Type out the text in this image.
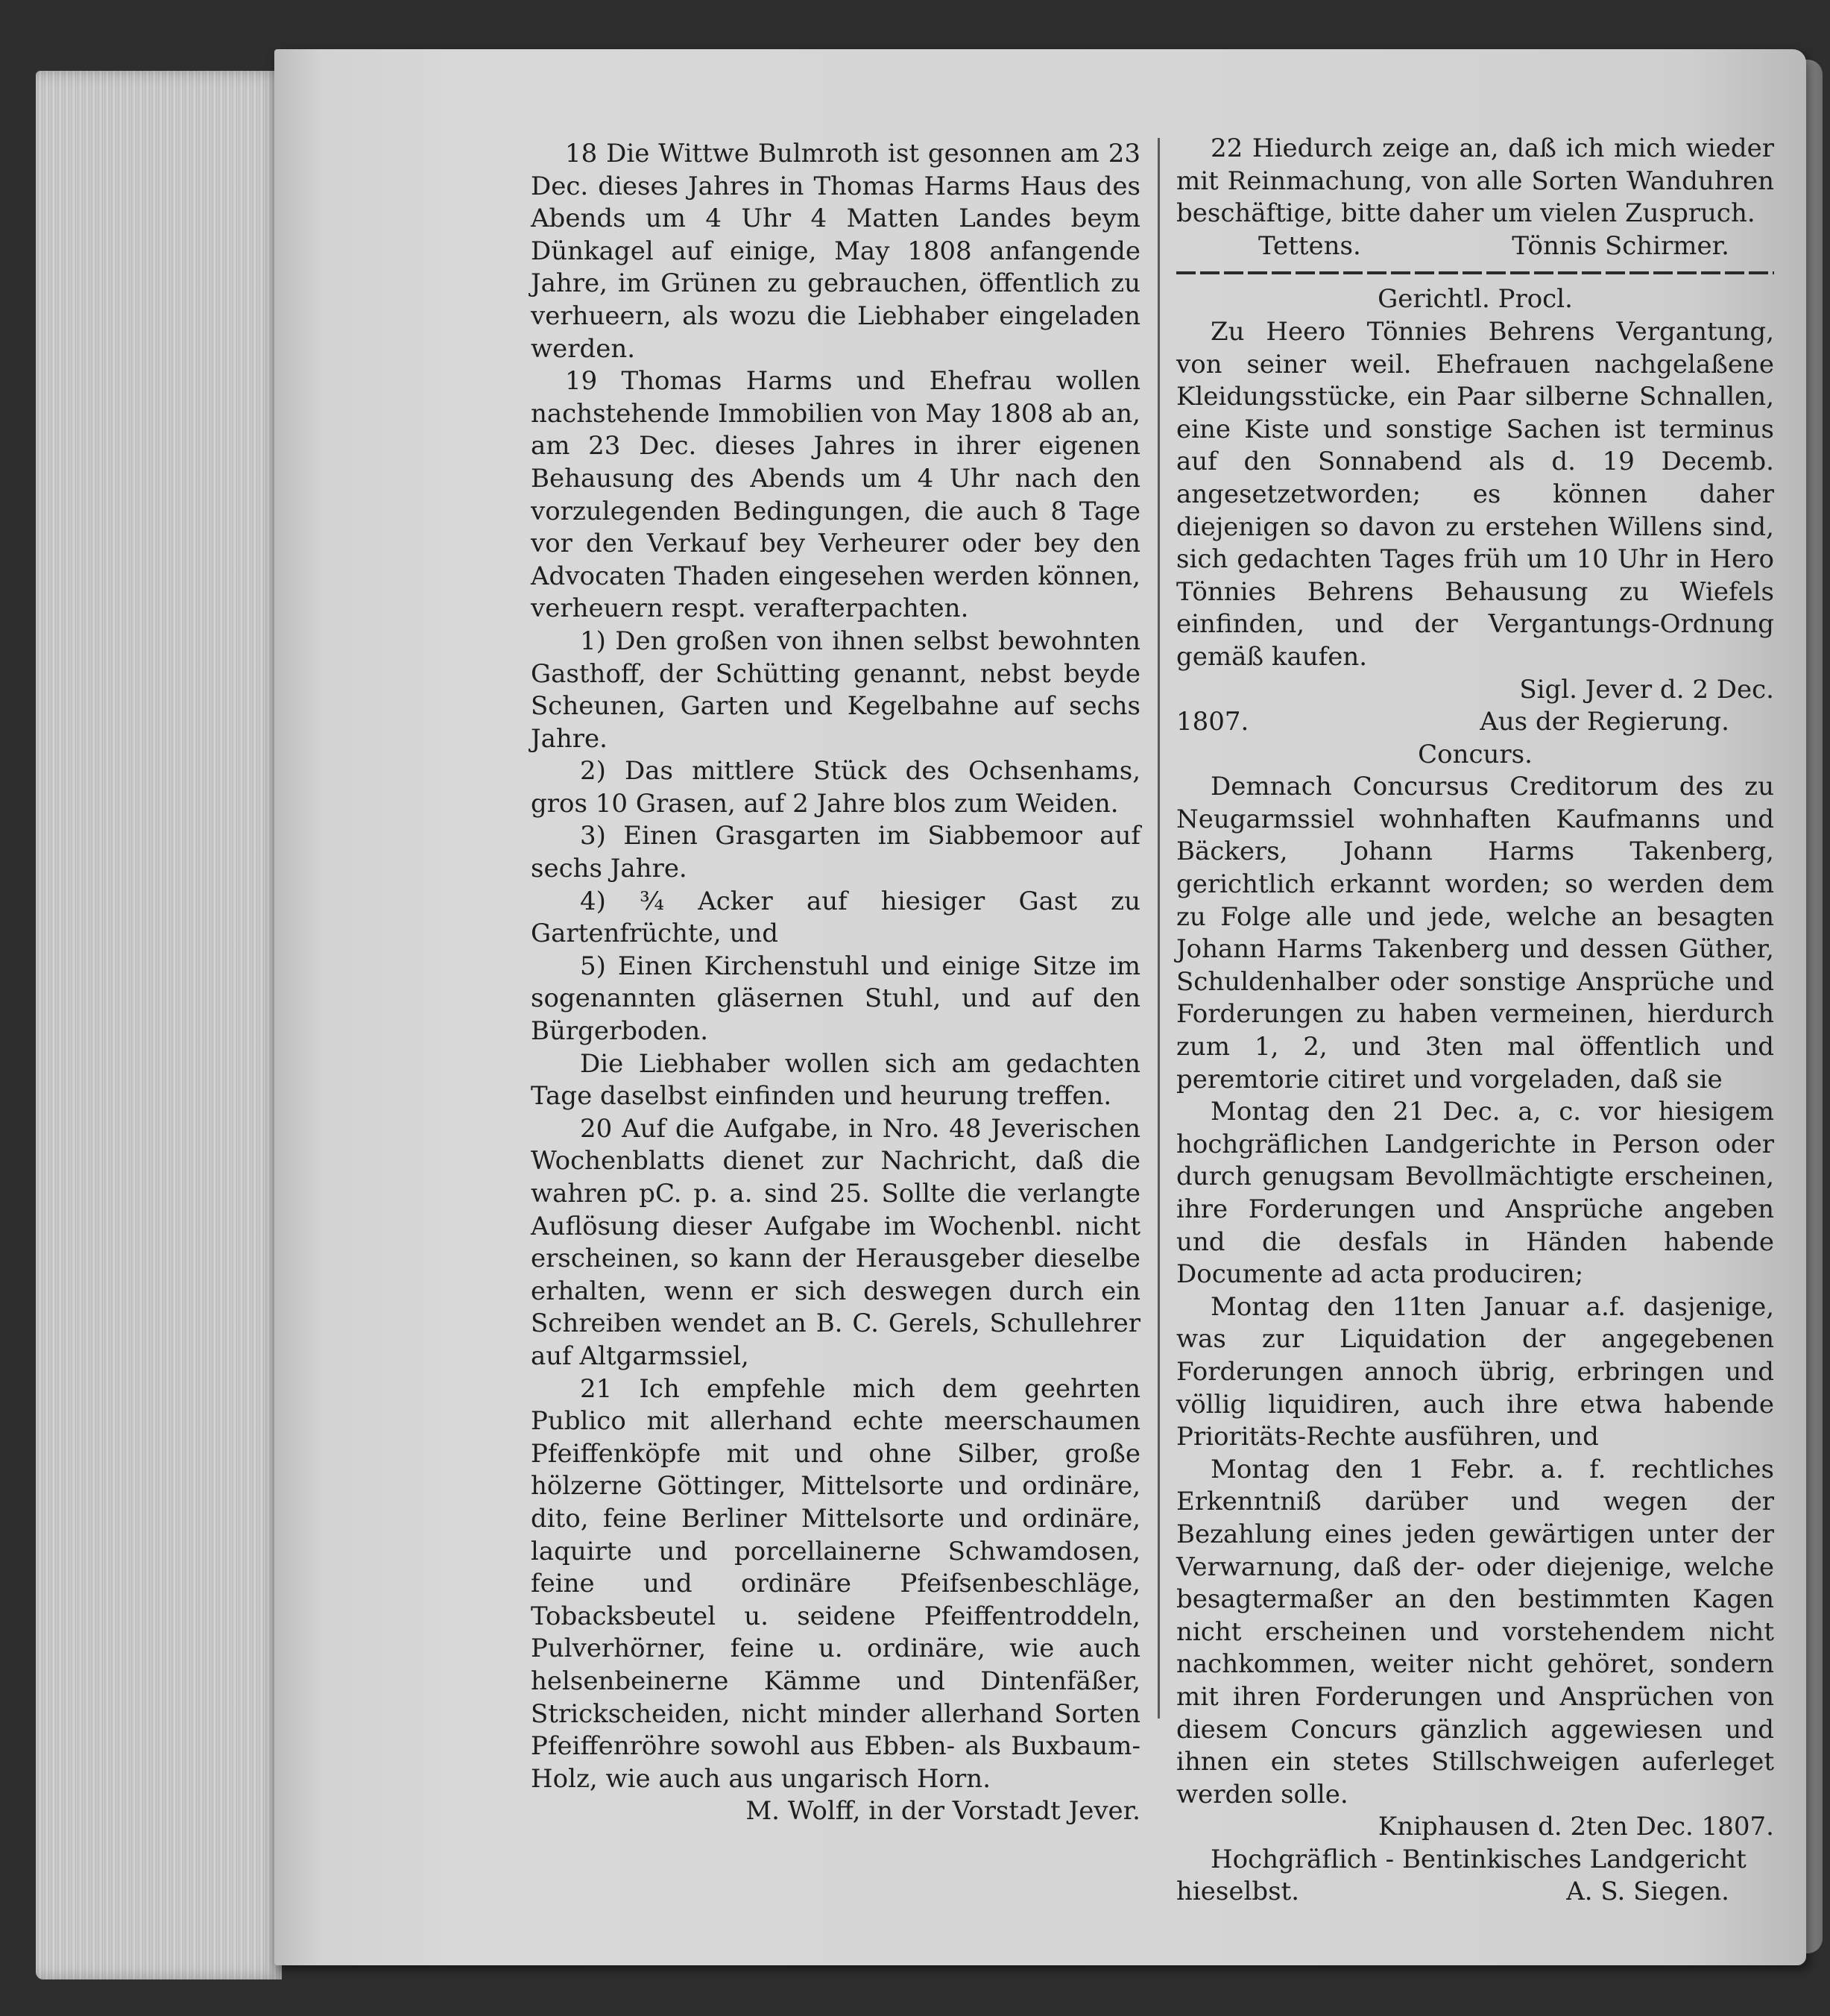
18 Die Wittwe Bulmroth ist gesonnen am 23 Dec. dieses Jahres in Thomas Harms Haus des Abends um 4 Uhr 4 Matten Landes beym Dünkagel auf einige, May 1808 anfangende Jahre, im Grünen zu gebrauchen, öffentlich zu verhueern, als wozu die Liebhaber eingeladen werden.

19 Thomas Harms und Ehefrau wollen nachstehende Immobilien von May 1808 ab an, am 23 Dec. dieses Jahres in ihrer eigenen Behausung des Abends um 4 Uhr nach den vorzulegenden Bedingungen, die auch 8 Tage vor den Verkauf bey Verheurer oder bey den Advocaten Thaden eingesehen werden können, verheuern respt. verafterpachten.

1) Den großen von ihnen selbst bewohnten Gasthoff, der Schütting genannt, nebst beyde Scheunen, Garten und Kegelbahne auf sechs Jahre.

2) Das mittlere Stück des Ochsenhams, gros 10 Grasen, auf 2 Jahre blos zum Weiden.

3) Einen Grasgarten im Siabbemoor auf sechs Jahre.

4) ¾ Acker auf hiesiger Gast zu Gartenfrüchte, und

5) Einen Kirchenstuhl und einige Sitze im sogenannten gläsernen Stuhl, und auf den Bürgerboden.

Die Liebhaber wollen sich am gedachten Tage daselbst einfinden und heurung treffen.

20 Auf die Aufgabe, in Nro. 48 Jeverischen Wochenblatts dienet zur Nachricht, daß die wahren pC. p. a. sind 25. Sollte die verlangte Auflösung dieser Aufgabe im Wochenbl. nicht erscheinen, so kann der Herausgeber dieselbe erhalten, wenn er sich deswegen durch ein Schreiben wendet an B. C. Gerels, Schullehrer auf Altgarmssiel,

21 Ich empfehle mich dem geehrten Publico mit allerhand echte meerschaumen Pfeiffenköpfe mit und ohne Silber, große hölzerne Göttinger, Mittelsorte und ordinäre, dito, feine Berliner Mittelsorte und ordinäre, laquirte und porcellainerne Schwamdosen, feine und ordinäre Pfeifsenbeschläge, Tobacksbeutel u. seidene Pfeiffentroddeln, Pulverhörner, feine u. ordinäre, wie auch helsenbeinerne Kämme und Dintenfäßer, Strickscheiden, nicht minder allerhand Sorten Pfeiffenröhre sowohl aus Ebben- als Buxbaum-Holz, wie auch aus ungarisch Horn.

M. Wolff, in der Vorstadt Jever.

22 Hiedurch zeige an, daß ich mich wieder mit Reinmachung, von alle Sorten Wanduhren beschäftige, bitte daher um vielen Zuspruch.

Tettens.	Tönnis Schirmer.

Gerichtl. Procl.

Zu Heero Tönnies Behrens Vergantung, von seiner weil. Ehefrauen nachgelaßene Kleidungsstücke, ein Paar silberne Schnallen, eine Kiste und sonstige Sachen ist terminus auf den Sonnabend als d. 19 Decemb. angesetzetworden; es können daher diejenigen so davon zu erstehen Willens sind, sich gedachten Tages früh um 10 Uhr in Hero Tönnies Behrens Behausung zu Wiefels einfinden, und der Vergantungs-Ordnung gemäß kaufen.

Sigl. Jever d. 2 Dec.

1807.	Aus der Regierung.

Concurs.

Demnach Concursus Creditorum des zu Neugarmssiel wohnhaften Kaufmanns und Bäckers, Johann Harms Takenberg, gerichtlich erkannt worden; so werden dem zu Folge alle und jede, welche an besagten Johann Harms Takenberg und dessen Güther, Schuldenhalber oder sonstige Ansprüche und Forderungen zu haben vermeinen, hierdurch zum 1, 2, und 3ten mal öffentlich und peremtorie citiret und vorgeladen, daß sie

Montag den 21 Dec. a, c. vor hiesigem hochgräflichen Landgerichte in Person oder durch genugsam Bevollmächtigte erscheinen, ihre Forderungen und Ansprüche angeben und die desfals in Händen habende Documente ad acta produciren;

Montag den 11ten Januar a.f. dasjenige, was zur Liquidation der angegebenen Forderungen annoch übrig, erbringen und völlig liquidiren, auch ihre etwa habende Prioritäts-Rechte ausführen, und

Montag den 1 Febr. a. f. rechtliches Erkenntniß darüber und wegen der Bezahlung eines jeden gewärtigen unter der Verwarnung, daß der- oder diejenige, welche besagtermaßer an den bestimmten Kagen nicht erscheinen und vorstehendem nicht nachkommen, weiter nicht gehöret, sondern mit ihren Forderungen und Ansprüchen von diesem Concurs gänzlich aggewiesen und ihnen ein stetes Stillschweigen auferleget werden solle.

Kniphausen d. 2ten Dec. 1807.

Hochgräflich - Bentinkisches Landgericht

hieselbst.	A. S. Siegen.
